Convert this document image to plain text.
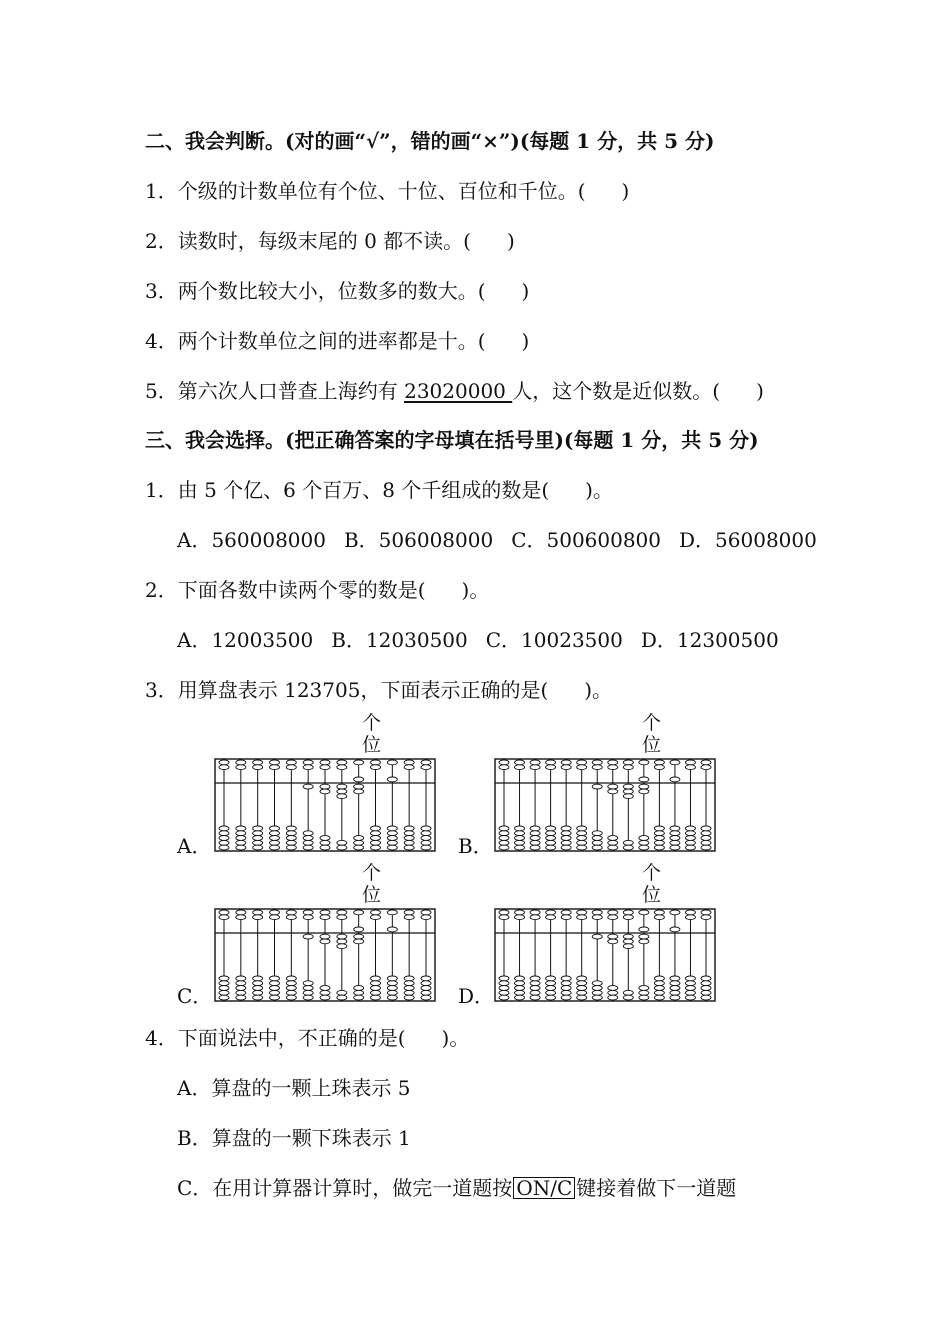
二、我会判断。(对的画“√”，错的画“×”)(每题 1 分，共 5 分)
1．个级的计数单位有个位、十位、百位和千位。( )
2．读数时，每级末尾的 0 都不读。( )
3．两个数比较大小，位数多的数大。( )
4．两个计数单位之间的进率都是十。( )
5．第六次人口普查上海约有 23020000 人，这个数是近似数。( )
三、我会选择。(把正确答案的字母填在括号里)(每题 1 分，共 5 分)
1．由 5 个亿、6 个百万、8 个千组成的数是( )。
A．560008000 B．506008000 C．500600800 D．56008000
2．下面各数中读两个零的数是( )。
A．12003500 B．12030500 C．10023500 D．12300500
3．用算盘表示 123705，下面表示正确的是( )。
个
位
A．
个
位
B．
个
位
C．
个
位
D．
4．下面说法中，不正确的是( )。
A．算盘的一颗上珠表示 5
B．算盘的一颗下珠表示 1
C．在用计算器计算时，做完一道题按 ON/C 键接着做下一道题
